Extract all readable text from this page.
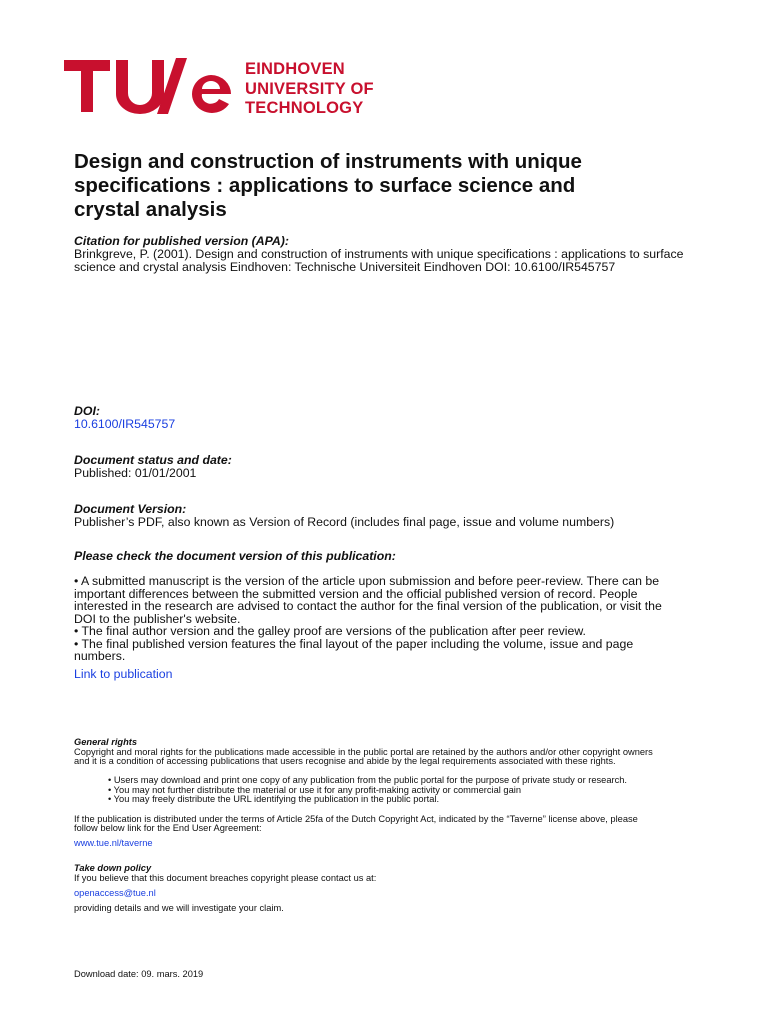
EINDHOVEN
UNIVERSITY OF
TECHNOLOGY
Design and construction of instruments with unique
specifications : applications to surface science and
crystal analysis

Citation for published version (APA):

Brinkgreve, P. (2001). Design and construction of instruments with unique specifications : applications to surface

science and crystal analysis Eindhoven: Technische Universiteit Eindhoven DOI: 10.6100/IR545757

DOI:

10.6100/IR545757

Document status and date:

Published: 01/01/2001

Document Version:

Publisher’s PDF, also known as Version of Record (includes final page, issue and volume numbers)

Please check the document version of this publication:

• A submitted manuscript is the version of the article upon submission and before peer-review. There can be

important differences between the submitted version and the official published version of record. People

interested in the research are advised to contact the author for the final version of the publication, or visit the

DOI to the publisher's website.

• The final author version and the galley proof are versions of the publication after peer review.

• The final published version features the final layout of the paper including the volume, issue and page

numbers.

Link to publication

General rights

Copyright and moral rights for the publications made accessible in the public portal are retained by the authors and/or other copyright owners

and it is a condition of accessing publications that users recognise and abide by the legal requirements associated with these rights.

• Users may download and print one copy of any publication from the public portal for the purpose of private study or research.
• You may not further distribute the material or use it for any profit-making activity or commercial gain
• You may freely distribute the URL identifying the publication in the public portal.

If the publication is distributed under the terms of Article 25fa of the Dutch Copyright Act, indicated by the “Taverne” license above, please

follow below link for the End User Agreement:

www.tue.nl/taverne

Take down policy

If you believe that this document breaches copyright please contact us at:

openaccess@tue.nl

providing details and we will investigate your claim.

Download date: 09. mars. 2019
